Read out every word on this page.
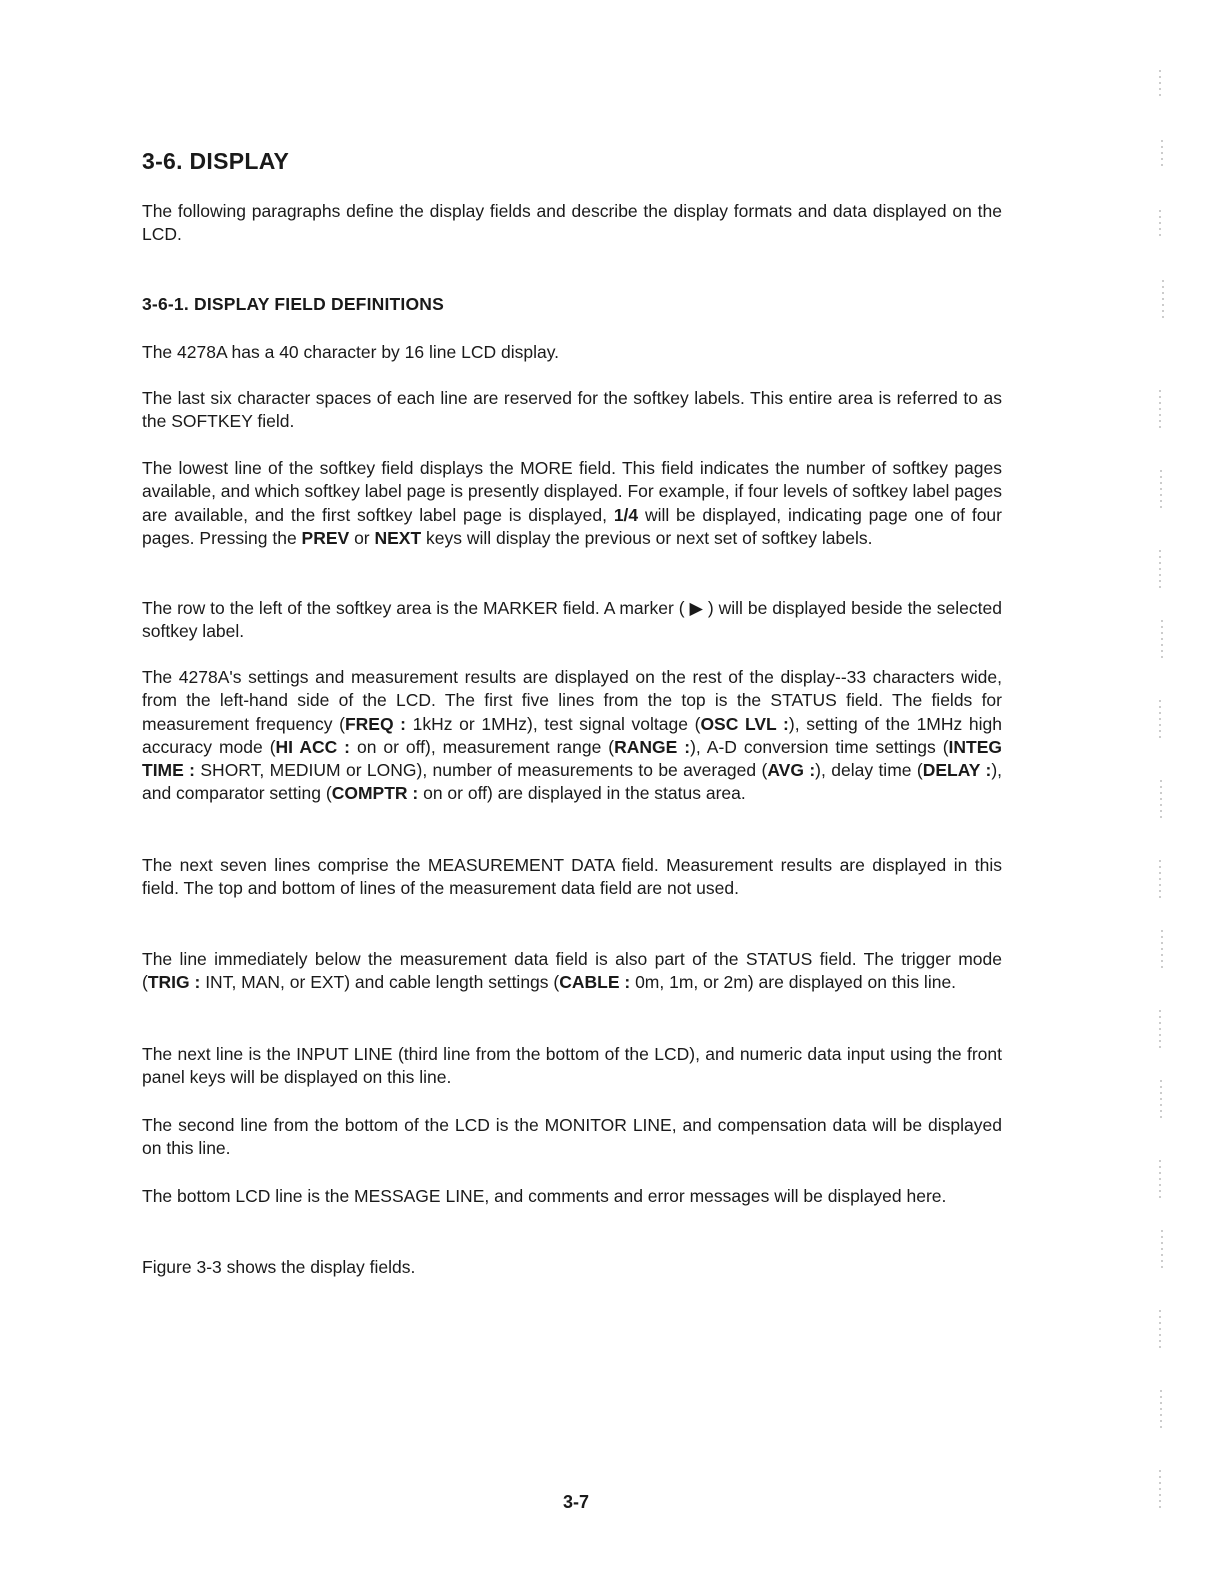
3-6. DISPLAY

The following paragraphs define the display fields and describe the display formats and data displayed on the LCD.

3-6-1. DISPLAY FIELD DEFINITIONS

The 4278A has a 40 character by 16 line LCD display.

The last six character spaces of each line are reserved for the softkey labels. This entire area is referred to as the SOFTKEY field.

The lowest line of the softkey field displays the MORE field. This field indicates the number of softkey pages available, and which softkey label page is presently displayed. For example, if four levels of softkey label pages are available, and the first softkey label page is displayed, 1/4 will be displayed, indicating page one of four pages. Pressing the PREV or NEXT keys will display the previous or next set of softkey labels.

The row to the left of the softkey area is the MARKER field. A marker ( ▶ ) will be displayed beside the selected softkey label.

The 4278A's settings and measurement results are displayed on the rest of the display--33 characters wide, from the left-hand side of the LCD. The first five lines from the top is the STATUS field. The fields for measurement frequency (FREQ : 1kHz or 1MHz), test signal voltage (OSC LVL :), setting of the 1MHz high accuracy mode (HI ACC : on or off), measurement range (RANGE :), A-D conversion time settings (INTEG TIME : SHORT, MEDIUM or LONG), number of measurements to be averaged (AVG :), delay time (DELAY :), and comparator setting (COMPTR : on or off) are displayed in the status area.

The next seven lines comprise the MEASUREMENT DATA field. Measurement results are displayed in this field. The top and bottom of lines of the measurement data field are not used.

The line immediately below the measurement data field is also part of the STATUS field. The trigger mode (TRIG : INT, MAN, or EXT) and cable length settings (CABLE : 0m, 1m, or 2m) are displayed on this line.

The next line is the INPUT LINE (third line from the bottom of the LCD), and numeric data input using the front panel keys will be displayed on this line.

The second line from the bottom of the LCD is the MONITOR LINE, and compensation data will be displayed on this line.

The bottom LCD line is the MESSAGE LINE, and comments and error messages will be displayed here.

Figure 3-3 shows the display fields.

3-7
